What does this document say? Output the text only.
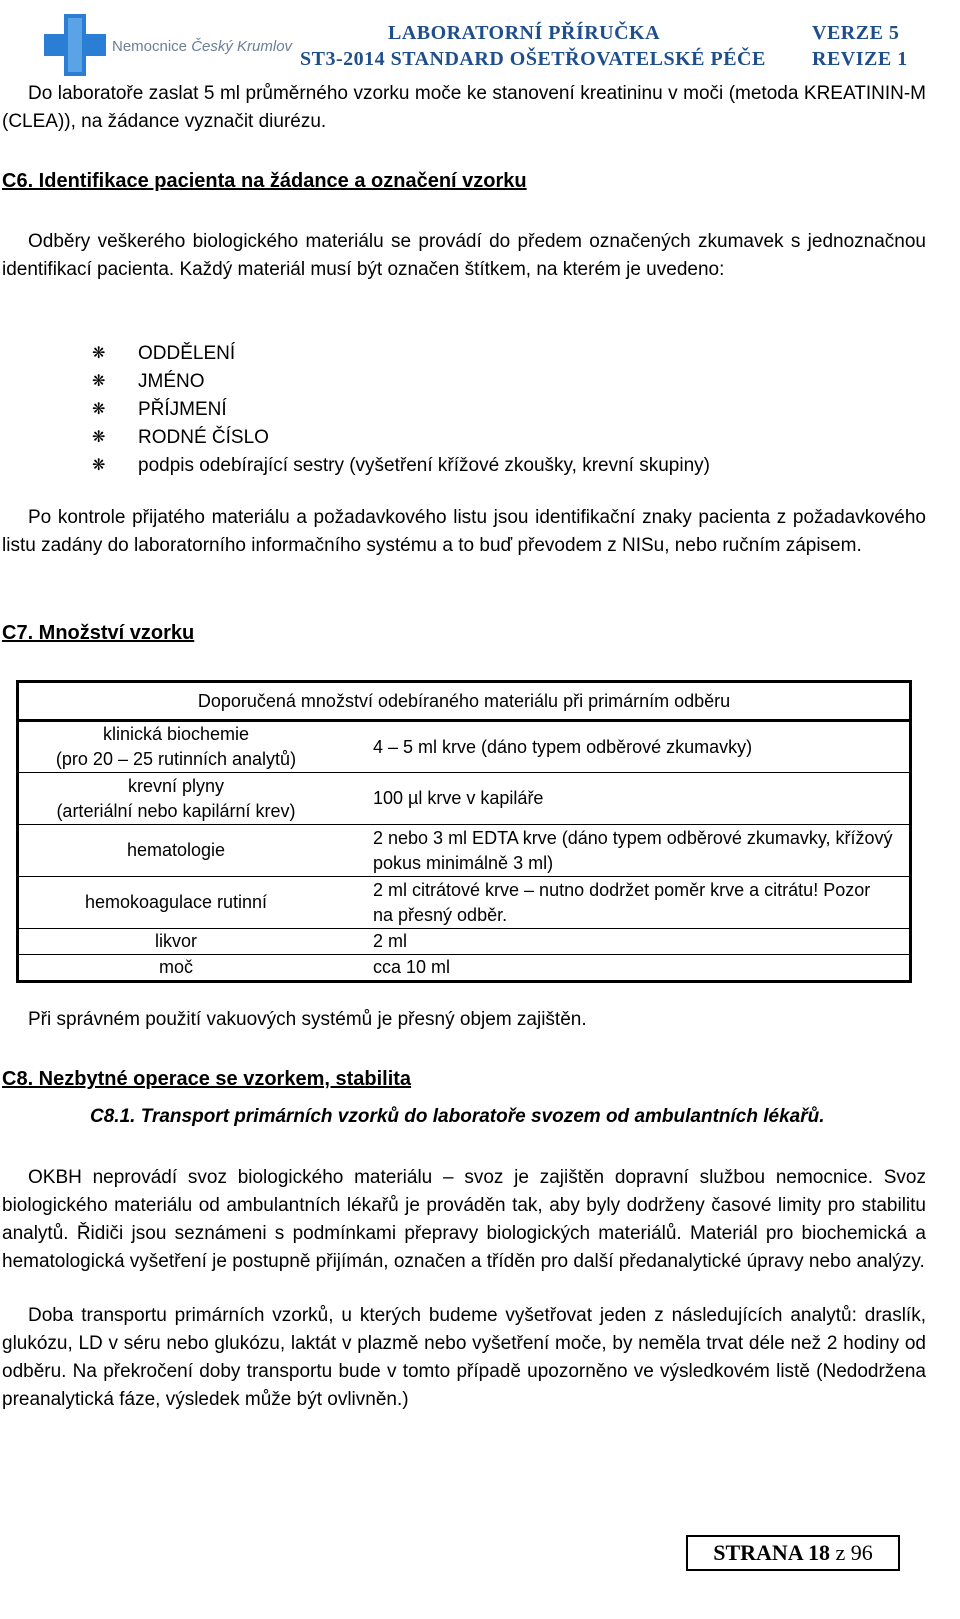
Nemocnice Český Krumlov
LABORATORNÍ PŘÍRUČKA
ST3-2014 STANDARD OŠETŘOVATELSKÉ PÉČE
VERZE 5
REVIZE 1

Do laboratoře zaslat 5 ml průměrného vzorku moče ke stanovení kreatininu v moči (metoda KREATININ-M (CLEA)), na žádance vyznačit diurézu.

C6. Identifikace pacienta na žádance a označení vzorku

Odběry veškerého biologického materiálu se provádí do předem označených zkumavek s jednoznačnou identifikací pacienta. Každý materiál musí být označen štítkem, na kterém je uvedeno:

❋	ODDĚLENÍ
❋	JMÉNO
❋	PŘÍJMENÍ
❋	RODNÉ ČÍSLO
❋	podpis odebírající sestry (vyšetření křížové zkoušky, krevní skupiny)

Po kontrole přijatého materiálu a požadavkového listu jsou identifikační znaky pacienta z požadavkového listu zadány do laboratorního informačního systému a to buď převodem z NISu, nebo ručním zápisem.

C7. Množství vzorku
Doporučená množství odebíraného materiálu při primárním odběru	

klinická biochemie
(pro 20 – 25 rutinních analytů)	4 – 5 ml krve (dáno typem odběrové zkumavky)

krevní plyny
(arteriální nebo kapilární krev)	100 µl krve v kapiláře

hematologie	2 nebo 3 ml EDTA krve (dáno typem odběrové zkumavky, křížový
pokus minimálně 3 ml)

hemokoagulace rutinní	2 ml citrátové krve – nutno dodržet poměr krve a citrátu! Pozor
na přesný odběr.

likvor	2 ml

moč	cca 10 ml

Při správném použití vakuových systémů je přesný objem zajištěn.

C8. Nezbytné operace se vzorkem, stabilita
C8.1. Transport primárních vzorků do laboratoře svozem od ambulantních lékařů.

OKBH neprovádí svoz biologického materiálu – svoz je zajištěn dopravní službou nemocnice. Svoz biologického materiálu od ambulantních lékařů je prováděn tak, aby byly dodrženy časové limity pro stabilitu analytů. Řidiči jsou seznámeni s podmínkami přepravy biologických materiálů. Materiál pro biochemická a hematologická vyšetření je postupně přijímán, označen a tříděn pro další předanalytické úpravy nebo analýzy.

Doba transportu primárních vzorků, u kterých budeme vyšetřovat jeden z následujících analytů: draslík, glukózu, LD v séru nebo glukózu, laktát v plazmě nebo vyšetření moče, by neměla trvat déle než 2 hodiny od odběru. Na překročení doby transportu bude v tomto případě upozorněno ve výsledkovém listě (Nedodržena preanalytická fáze, výsledek může být ovlivněn.)

STRANA 18
z 96
